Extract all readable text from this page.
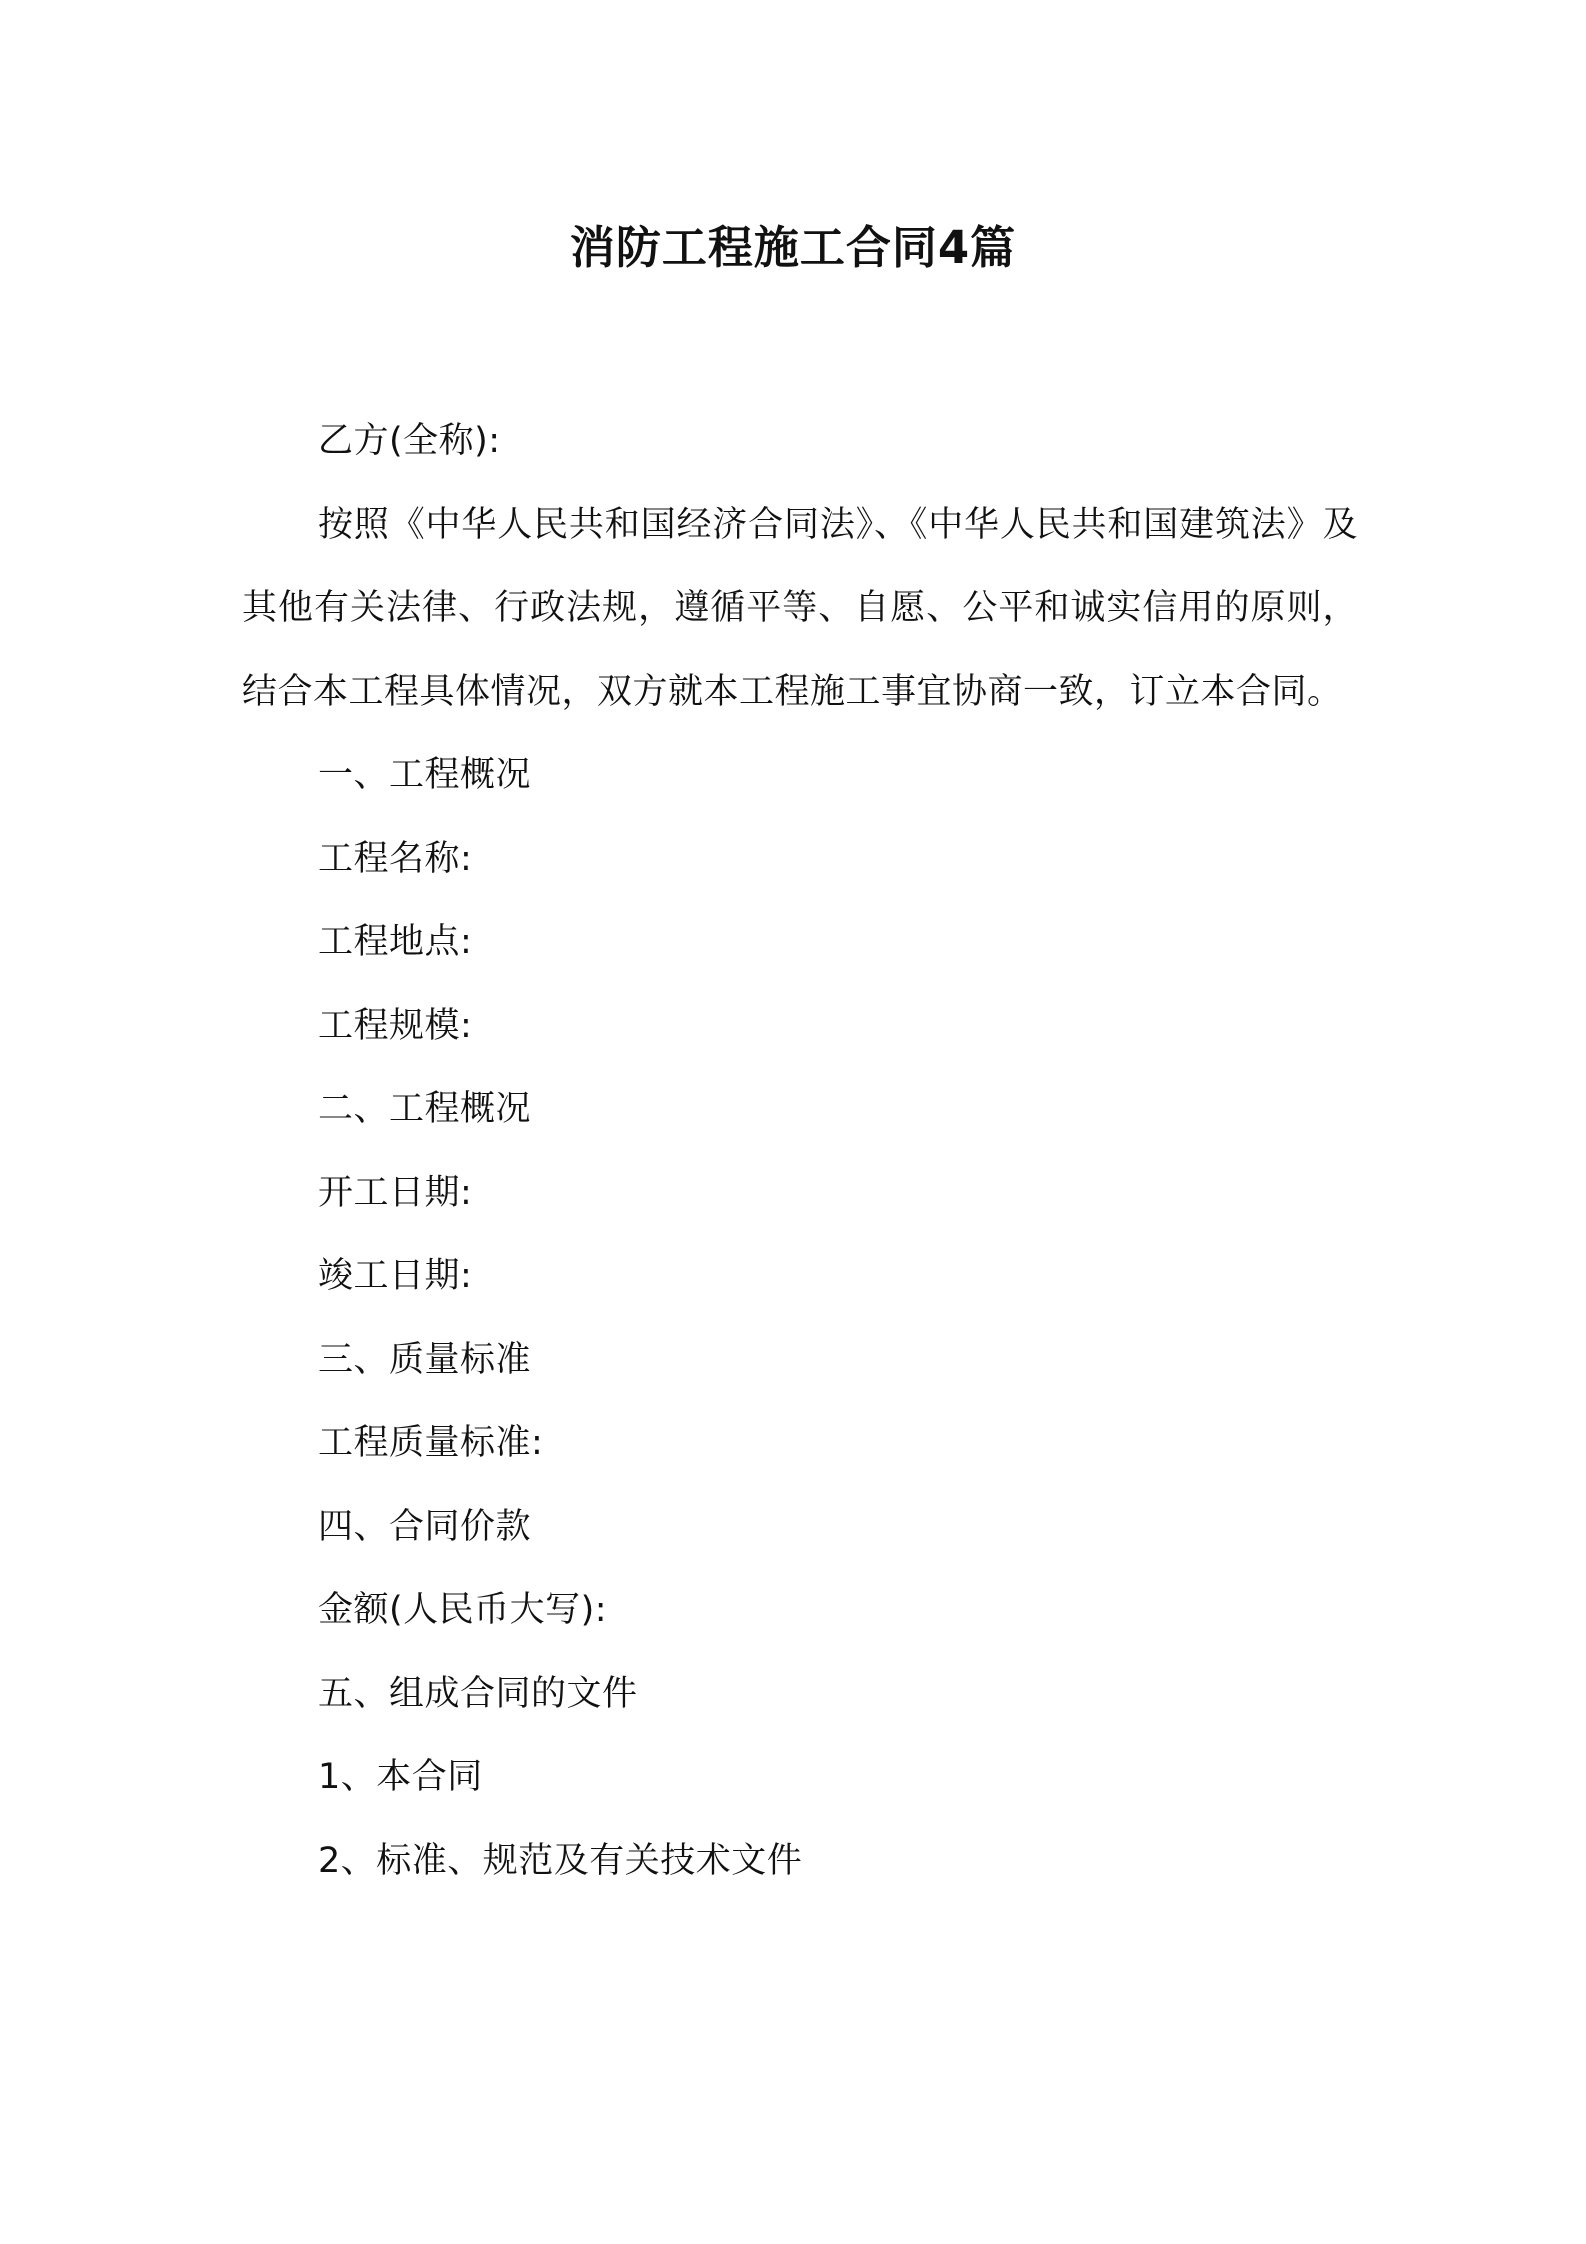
消防工程施工合同4篇

乙方(全称):

按照《中华人民共和国经济合同法》、《中华人民共和国建筑法》及其他有关法律、行政法规，遵循平等、自愿、公平和诚实信用的原则，结合本工程具体情况，双方就本工程施工事宜协商一致，订立本合同。

一、工程概况

工程名称:

工程地点:

工程规模:

二、工程概况

开工日期:

竣工日期:

三、质量标准

工程质量标准:

四、合同价款

金额(人民币大写):

五、组成合同的文件

1、本合同

2、标准、规范及有关技术文件
